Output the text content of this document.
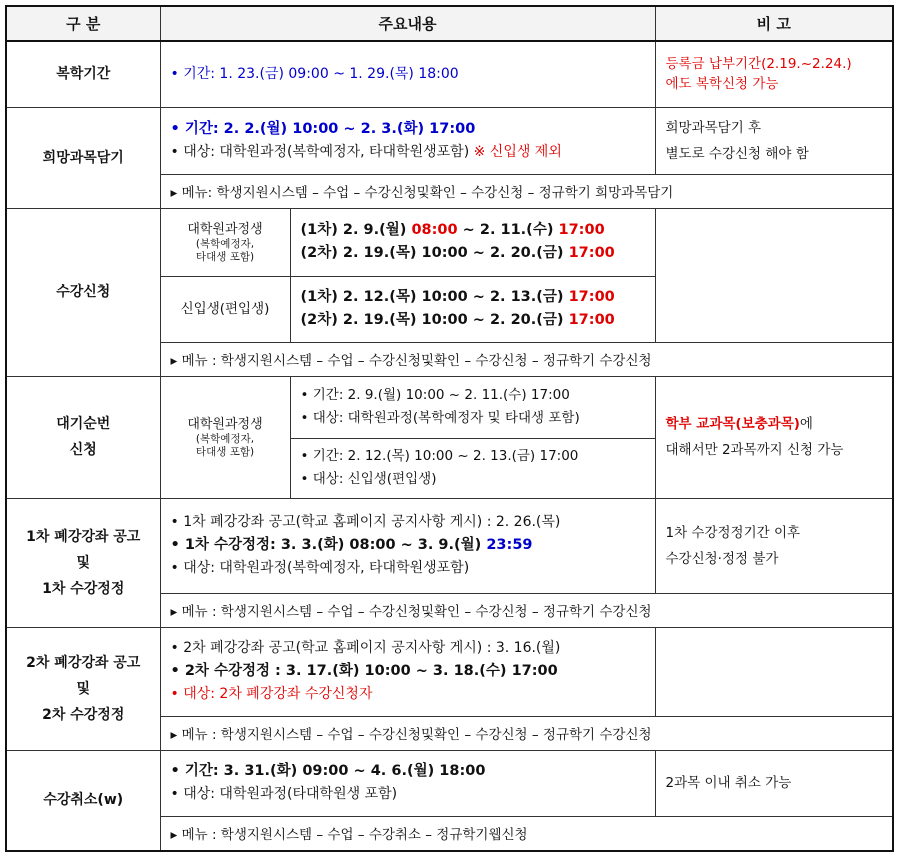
구 분	주요내용		비 고
복학기간	• 기간: 1. 23.(금) 09:00 ~ 1. 29.(목) 18:00		등록금 납부기간(2.19.~2.24.)
에도 복학신청 가능

희망과목담기	• 기간: 2. 2.(월) 10:00 ~ 2. 3.(화) 17:00
• 대상: 대학원과정(복학예정자, 타대학원생포함) ※ 신입생 제외		희망과목담기 후
별도로 수강신청 해야 함

	▸ 메뉴: 학생지원시스템 – 수업 – 수강신청및확인 – 수강신청 – 정규학기 희망과목담기		
수강신청	대학원과정생
(복학예정자,
타대생 포함)	(1차) 2. 9.(월) 08:00 ~ 2. 11.(수) 17:00
(2차) 2. 19.(목) 10:00 ~ 2. 20.(금) 17:00	

	신입생(편입생)	(1차) 2. 12.(목) 10:00 ~ 2. 13.(금) 17:00
(2차) 2. 19.(목) 10:00 ~ 2. 20.(금) 17:00	

	▸ 메뉴 : 학생지원시스템 – 수업 – 수강신청및확인 – 수강신청 – 정규학기 수강신청		

대기순번
신청	대학원과정생
(복학예정자,
타대생 포함)	• 기간: 2. 9.(월) 10:00 ~ 2. 11.(수) 17:00
• 대상: 대학원과정(복학예정자 및 타대생 포함)	학부 교과목(보충과목)에
대해서만 2과목까지 신청 가능

		• 기간: 2. 12.(목) 10:00 ~ 2. 13.(금) 17:00
• 대상: 신입생(편입생)	

1차 폐강강좌 공고
및
1차 수강정정	• 1차 폐강강좌 공고(학교 홈페이지 공지사항 게시) : 2. 26.(목)
• 1차 수강정정: 3. 3.(화) 08:00 ~ 3. 9.(월) 23:59
• 대상: 대학원과정(복학예정자, 타대학원생포함)		1차 수강정정기간 이후
수강신청·정정 불가

	▸ 메뉴 : 학생지원시스템 – 수업 – 수강신청및확인 – 수강신청 – 정규학기 수강신청		

2차 폐강강좌 공고
및
2차 수강정정	• 2차 폐강강좌 공고(학교 홈페이지 공지사항 게시) : 3. 16.(월)
• 2차 수강정정 : 3. 17.(화) 10:00 ~ 3. 18.(수) 17:00
• 대상: 2차 폐강강좌 수강신청자		

	▸ 메뉴 : 학생지원시스템 – 수업 – 수강신청및확인 – 수강신청 – 정규학기 수강신청		
수강취소(w)	• 기간: 3. 31.(화) 09:00 ~ 4. 6.(월) 18:00
• 대상: 대학원과정(타대학원생 포함)		2과목 이내 취소 가능
	▸ 메뉴 : 학생지원시스템 – 수업 – 수강취소 – 정규학기웹신청		
